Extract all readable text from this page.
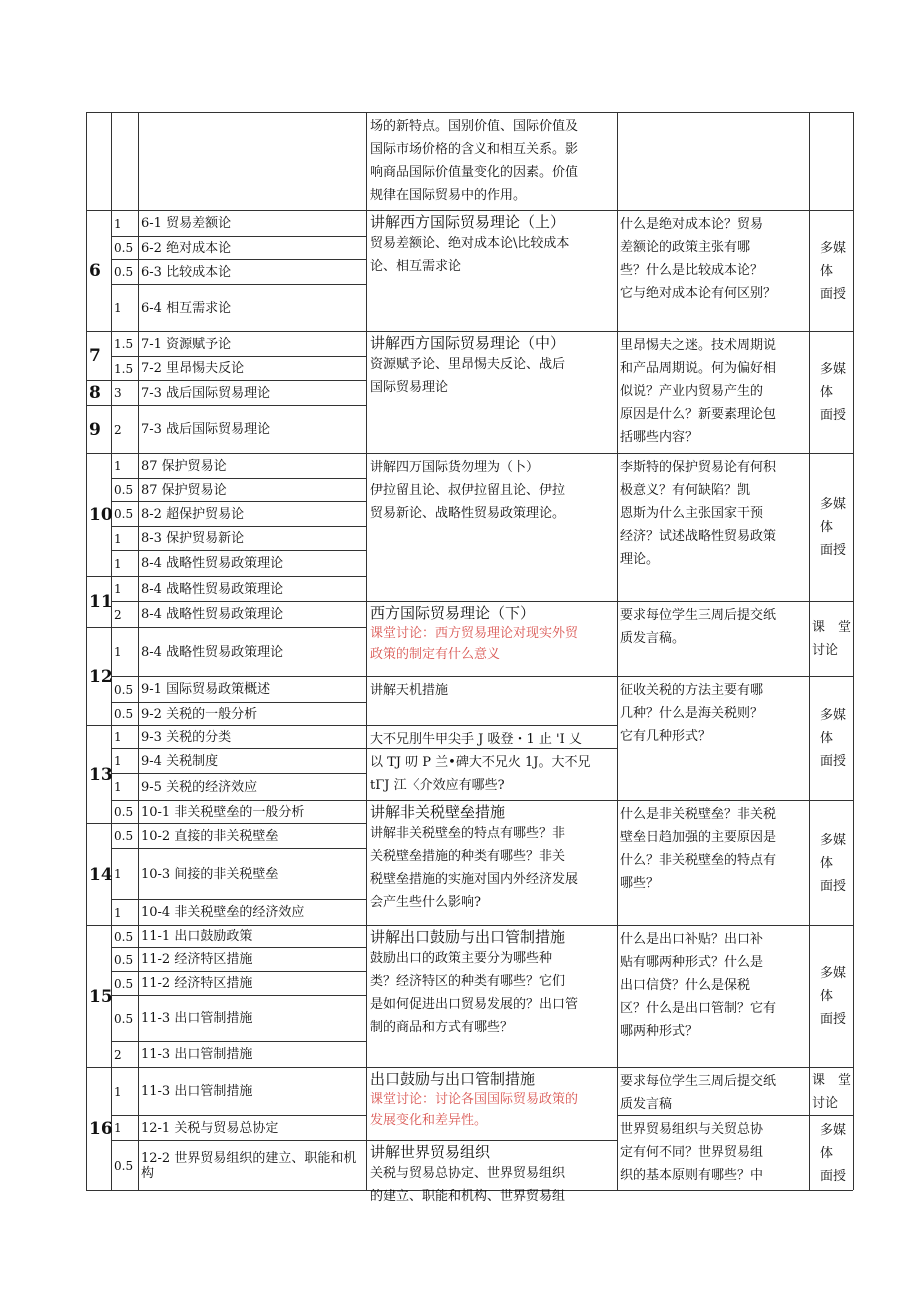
场的新特点。国别价值、国际价值及
国际市场价格的含义和相互关系。影
响商品国际价值量变化的因素。价值
规律在国际贸易中的作用。
6
7
8
9
10
11
12
13
14
15
16
1 6-1 贸易差额论
0.5 6-2 绝对成本论
0.5 6-3 比较成本论
1 6-4 相互需求论
1.5 7-1 资源赋予论
1.5 7-2 里昂惕夫反论
3 7-3 战后国际贸易理论
2 7-3 战后国际贸易理论
1 87 保护贸易论
0.5 87 保护贸易论
0.5 8-2 超保护贸易论
1 8-3 保护贸易新论
1 8-4 战略性贸易政策理论
1 8-4 战略性贸易政策理论
2 8-4 战略性贸易政策理论
1 8-4 战略性贸易政策理论
0.5 9-1 国际贸易政策概述
0.5 9-2 关税的一般分析
1 9-3 关税的分类
1 9-4 关税制度
1 9-5 关税的经济效应
0.5 10-1 非关税壁垒的一般分析
0.5 10-2 直接的非关税壁垒
1 10-3 间接的非关税壁垒
1 10-4 非关税壁垒的经济效应
0.5 11-1 出口鼓励政策
0.5 11-2 经济特区措施
0.5 11-2 经济特区措施
0.5 11-3 出口管制措施
2 11-3 出口管制措施
1 11-3 出口管制措施
1 12-1 关税与贸易总协定
0.5 12-2 世界贸易组织的建立、职能和机构
讲解西方国际贸易理论（上）
贸易差额论、绝对成本论\比较成本
论、相互需求论
讲解西方国际贸易理论（中）
资源赋予论、里昂惕夫反论、战后
国际贸易理论
讲解四万国际货勿埋为（卜）
伊拉留且论、叔伊拉留且论、伊拉
贸易新论、战略性贸易政策理论。
西方国际贸易理论（下）
课堂讨论：西方贸易理论对现实外贸
政策的制定有什么意义
讲解天机措施
大不兄刖牛甲尖手 J 吸登・1 止 'I 乂
以 TJ 叨 P 兰•碑大不兄火 1J。大不兄
tΓJ 江〈介效应有哪些?
讲解非关税壁垒措施
讲解非关税壁垒的特点有哪些？非
关税壁垒措施的种类有哪些？非关
税壁垒措施的实施对国内外经济发展
会产生些什么影响?
讲解出口鼓励与出口管制措施
鼓励出口的政策主要分为哪些种
类？经济特区的种类有哪些？它们
是如何促进出口贸易发展的？出口管
制的商品和方式有哪些？
出口鼓励与出口管制措施
课堂讨论：讨论各国国际贸易政策的
发展变化和差异性。
讲解世界贸易组织
关税与贸易总协定、世界贸易组织
的建立、职能和机构、世界贸易组
什么是绝对成本论？贸易
差额论的政策主张有哪
些？什么是比较成本论？
它与绝对成本论有何区别？
里昂惕夫之迷。技术周期说
和产品周期说。何为偏好相
似说？产业内贸易产生的
原因是什么？新要素理论包
括哪些内容？
李斯特的保护贸易论有何积
极意义？有何缺陷？凯
恩斯为什么主张国家干预
经济？试述战略性贸易政策
理论。
要求每位学生三周后提交纸
质发言稿。
征收关税的方法主要有哪
几种？什么是海关税则？
它有几种形式？
什么是非关税壁垒？非关税
壁垒日趋加强的主要原因是
什么？非关税壁垒的特点有
哪些？
什么是出口补贴？出口补
贴有哪两种形式？什么是
出口信贷？什么是保税
区？什么是出口管制？它有
哪两种形式？
要求每位学生三周后提交纸
质发言稿
世界贸易组织与关贸总协
定有何不同？世界贸易组
织的基本原则有哪些？中
多媒
体
面授
多媒
体
面授
多媒
体
面授
课　堂
讨论
多媒
体
面授
多媒
体
面授
多媒
体
面授
课　堂
讨论
多媒
体
面授
